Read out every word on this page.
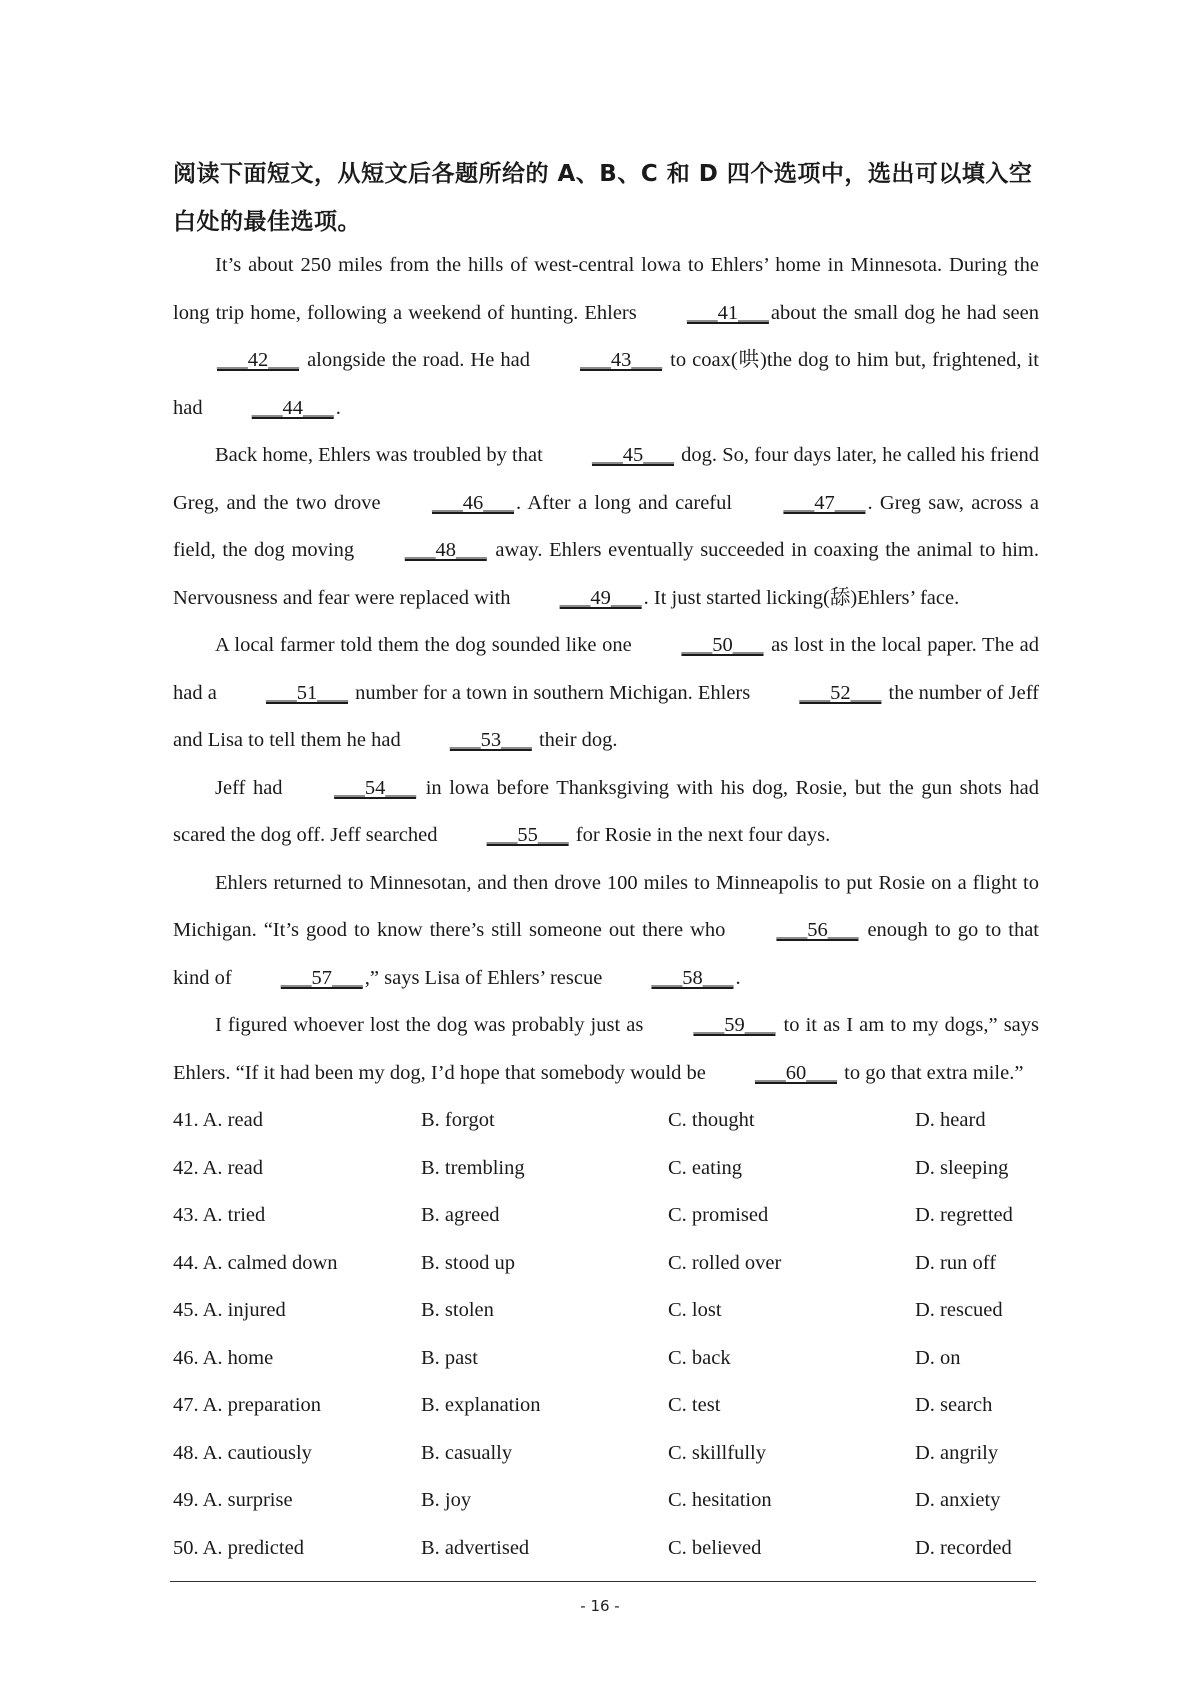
阅读下面短文，从短文后各题所给的 A、B、C 和 D 四个选项中，选出可以填入空白处的最佳选项。

It’s about 250 miles from the hills of west-central lowa to Ehlers’ home in Minnesota. During the long trip home, following a weekend of hunting. Ehlers ___41___about the small dog he had seen ___42___ alongside the road. He had ___43___ to coax(哄)the dog to him but, frightened, it had ___44___.

Back home, Ehlers was troubled by that ___45___ dog. So, four days later, he called his friend Greg, and the two drove ___46___. After a long and careful ___47___. Greg saw, across a field, the dog moving ___48___ away. Ehlers eventually succeeded in coaxing the animal to him. Nervousness and fear were replaced with ___49___. It just started licking(舔)Ehlers’ face.

A local farmer told them the dog sounded like one ___50___ as lost in the local paper. The ad had a ___51___ number for a town in southern Michigan. Ehlers ___52___ the number of Jeff and Lisa to tell them he had ___53___ their dog.

Jeff had ___54___ in lowa before Thanksgiving with his dog, Rosie, but the gun shots had scared the dog off. Jeff searched ___55___ for Rosie in the next four days.

Ehlers returned to Minnesotan, and then drove 100 miles to Minneapolis to put Rosie on a flight to Michigan. “It’s good to know there’s still someone out there who ___56___ enough to go to that kind of ___57___,” says Lisa of Ehlers’ rescue ___58___.

I figured whoever lost the dog was probably just as ___59___ to it as I am to my dogs,” says Ehlers. “If it had been my dog, I’d hope that somebody would be ___60___ to go that extra mile.”

41. A. read	B. forgot	C. thought	D. heard
42. A. read	B. trembling	C. eating	D. sleeping
43. A. tried	B. agreed	C. promised	D. regretted
44. A. calmed down	B. stood up	C. rolled over	D. run off
45. A. injured	B. stolen	C. lost	D. rescued
46. A. home	B. past	C. back	D. on
47. A. preparation	B. explanation	C. test	D. search
48. A. cautiously	B. casually	C. skillfully	D. angrily
49. A. surprise	B. joy	C. hesitation	D. anxiety
50. A. predicted	B. advertised	C. believed	D. recorded
- 16 -
